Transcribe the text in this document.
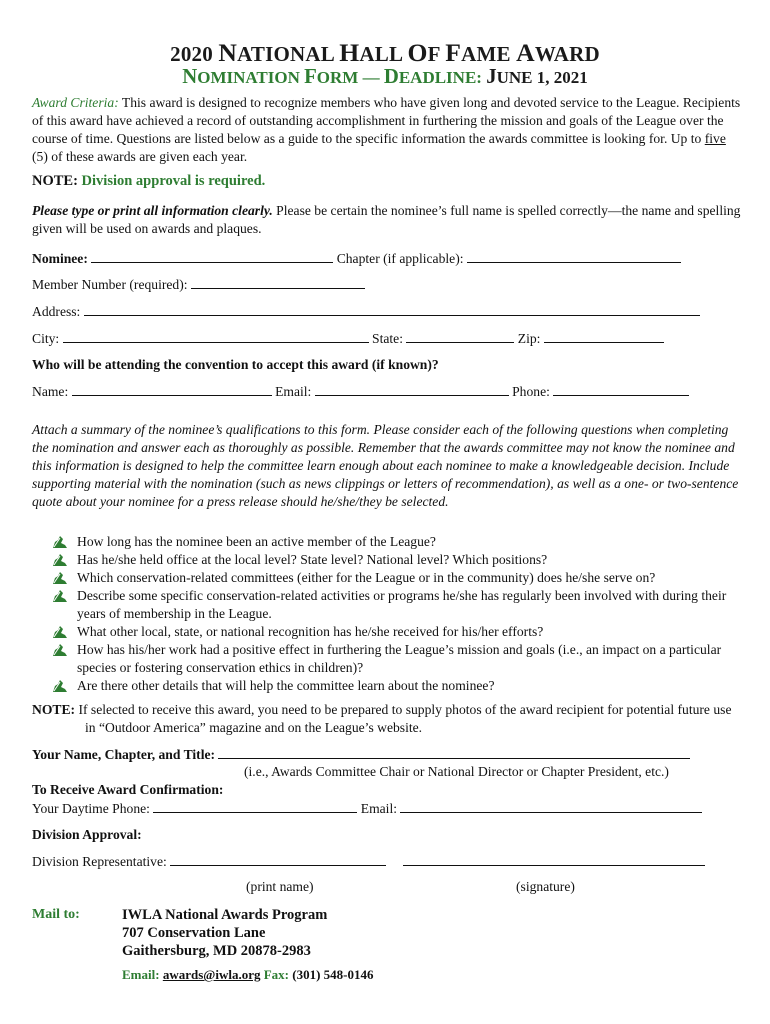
2020 NATIONAL HALL OF FAME AWARD
NOMINATION FORM — DEADLINE: JUNE 1, 2021
Award Criteria: This award is designed to recognize members who have given long and devoted service to the League. Recipients of this award have achieved a record of outstanding accomplishment in furthering the mission and goals of the League over the course of time. Questions are listed below as a guide to the specific information the awards committee is looking for. Up to five (5) of these awards are given each year.
NOTE: Division approval is required.
Please type or print all information clearly. Please be certain the nominee’s full name is spelled correctly—the name and spelling given will be used on awards and plaques.
Nominee:	Chapter (if applicable):
Member Number (required):
Address:
City:	State:	Zip:
Who will be attending the convention to accept this award (if known)?
Name:	Email:	Phone:
Attach a summary of the nominee’s qualifications to this form. Please consider each of the following questions when completing the nomination and answer each as thoroughly as possible. Remember that the awards committee may not know the nominee and this information is designed to help the committee learn enough about each nominee to make a knowledgeable decision. Include supporting material with the nomination (such as news clippings or letters of recommendation), as well as a one- or two-sentence quote about your nominee for a press release should he/she/they be selected.
How long has the nominee been an active member of the League?
Has he/she held office at the local level? State level? National level? Which positions?
Which conservation-related committees (either for the League or in the community) does he/she serve on?
Describe some specific conservation-related activities or programs he/she has regularly been involved with during their years of membership in the League.
What other local, state, or national recognition has he/she received for his/her efforts?
How has his/her work had a positive effect in furthering the League’s mission and goals (i.e., an impact on a particular species or fostering conservation ethics in children)?
Are there other details that will help the committee learn about the nominee?
NOTE: If selected to receive this award, you need to be prepared to supply photos of the award recipient for potential future use in “Outdoor America” magazine and on the League’s website.
Your Name, Chapter, and Title:
(i.e., Awards Committee Chair or National Director or Chapter President, etc.)
To Receive Award Confirmation:
Your Daytime Phone:	Email:
Division Approval:
Division Representative:
(print name)	(signature)
Mail to:	IWLA National Awards Program
707 Conservation Lane
Gaithersburg, MD 20878-2983
Email: awards@iwla.org Fax: (301) 548-0146
